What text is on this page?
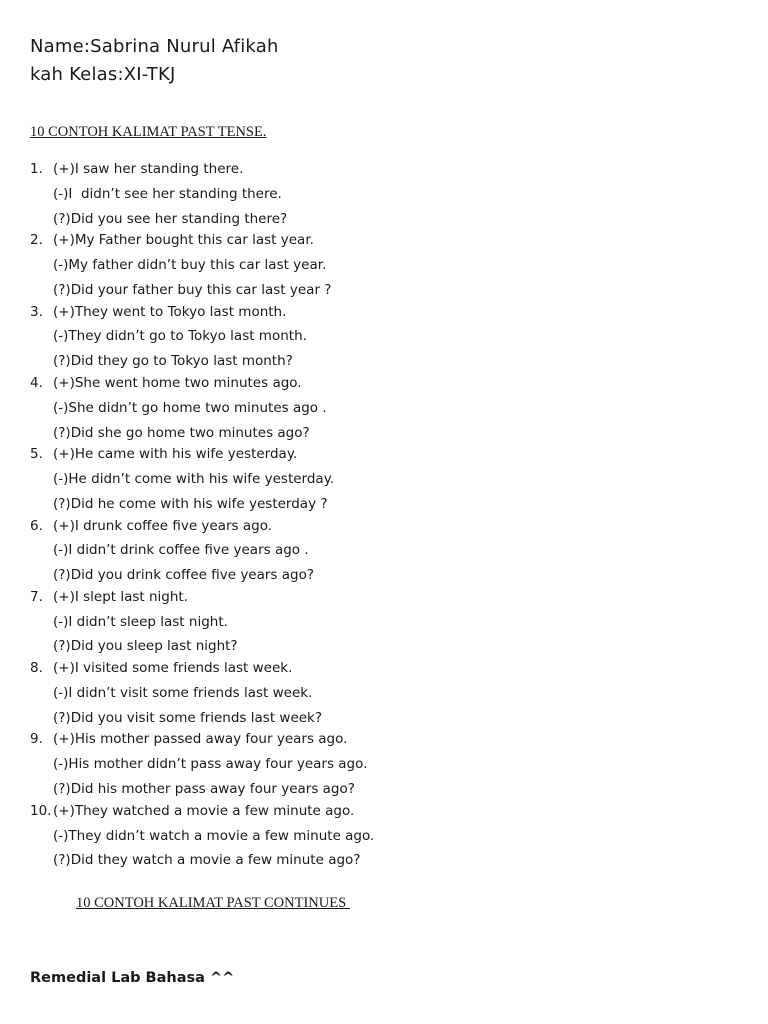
Name:Sabrina Nurul Afikah
kah Kelas:XI-TKJ
10 CONTOH KALIMAT PAST TENSE.
1. (+)I saw her standing there.
(-)I  didn’t see her standing there.
(?)Did you see her standing there?
2. (+)My Father bought this car last year.
(-)My father didn’t buy this car last year.
(?)Did your father buy this car last year ?
3. (+)They went to Tokyo last month.
(-)They didn’t go to Tokyo last month.
(?)Did they go to Tokyo last month?
4. (+)She went home two minutes ago.
(-)She didn’t go home two minutes ago .
(?)Did she go home two minutes ago?
5. (+)He came with his wife yesterday.
(-)He didn’t come with his wife yesterday.
(?)Did he come with his wife yesterday ?
6. (+)I drunk coffee five years ago.
(-)I didn’t drink coffee five years ago .
(?)Did you drink coffee five years ago?
7. (+)I slept last night.
(-)I didn’t sleep last night.
(?)Did you sleep last night?
8. (+)I visited some friends last week.
(-)I didn’t visit some friends last week.
(?)Did you visit some friends last week?
9. (+)His mother passed away four years ago.
(-)His mother didn’t pass away four years ago.
(?)Did his mother pass away four years ago?
10. (+)They watched a movie a few minute ago.
(-)They didn’t watch a movie a few minute ago.
(?)Did they watch a movie a few minute ago?
10 CONTOH KALIMAT PAST CONTINUES
Remedial Lab Bahasa ^^
